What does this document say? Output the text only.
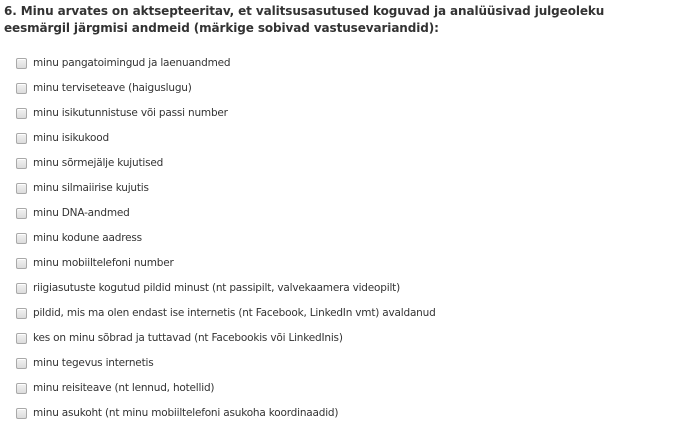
6. Minu arvates on aktsepteeritav, et valitsusasutused koguvad ja analüüsivad julgeoleku eesmärgil järgmisi andmeid (märkige sobivad vastusevariandid):

minu pangatoimingud ja laenuandmed
minu terviseteave (haiguslugu)
minu isikutunnistuse või passi number
minu isikukood
minu sõrmejälje kujutised
minu silmaiirise kujutis
minu DNA-andmed
minu kodune aadress
minu mobiiltelefoni number
riigiasutuste kogutud pildid minust (nt passipilt, valvekaamera videopilt)
pildid, mis ma olen endast ise internetis (nt Facebook, LinkedIn vmt) avaldanud
kes on minu sõbrad ja tuttavad (nt Facebookis või LinkedInis)
minu tegevus internetis
minu reisiteave (nt lennud, hotellid)
minu asukoht (nt minu mobiiltelefoni asukoha koordinaadid)
